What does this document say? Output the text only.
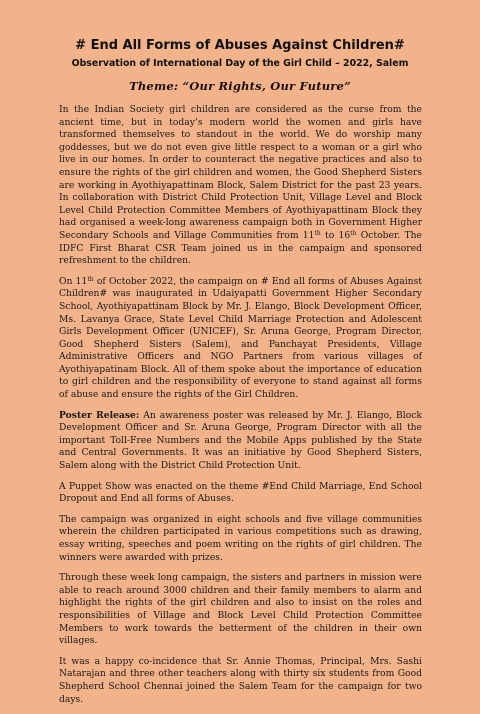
# End All Forms of Abuses Against Children#
Observation of International Day of the Girl Child – 2022, Salem
Theme: “Our Rights, Our Future”

In the Indian Society girl children are considered as the curse from the ancient time, but in today’s modern world the women and girls have transformed themselves to standout in the world. We do worship many goddesses, but we do not even give little respect to a woman or a girl who live in our homes. In order to counteract the negative practices and also to ensure the rights of the girl children and women, the Good Shepherd Sisters are working in Ayothiyapattinam Block, Salem District for the past 23 years. In collaboration with District Child Protection Unit, Village Level and Block Level Child Protection Committee Members of Ayothiyapattinam Block they had organised a week-long awareness campaign both in Government Higher Secondary Schools and Village Communities from 11th to 16th October. The IDFC First Bharat CSR Team joined us in the campaign and sponsored refreshment to the children.

On 11th of October 2022, the campaign on # End all forms of Abuses Against Children# was inaugurated in Udaiyapatti Government Higher Secondary School, Ayothiyapattinam Block by Mr. J. Elango, Block Development Officer, Ms. Lavanya Grace, State Level Child Marriage Protection and Adolescent Girls Development Officer (UNICEF), Sr. Aruna George, Program Director, Good Shepherd Sisters (Salem), and Panchayat Presidents, Village Administrative Officers and NGO Partners from various villages of Ayothiyapatinam Block. All of them spoke about the importance of education to girl children and the responsibility of everyone to stand against all forms of abuse and ensure the rights of the Girl Children.

Poster Release: An awareness poster was released by Mr. J. Elango, Block Development Officer and Sr. Aruna George, Program Director with all the important Toll-Free Numbers and the Mobile Apps published by the State and Central Governments. It was an initiative by Good Shepherd Sisters, Salem along with the District Child Protection Unit.

A Puppet Show was enacted on the theme #End Child Marriage, End School Dropout and End all forms of Abuses.

The campaign was organized in eight schools and five village communities wherein the children participated in various competitions such as drawing, essay writing, speeches and poem writing on the rights of girl children. The winners were awarded with prizes.

Through these week long campaign, the sisters and partners in mission were able to reach around 3000 children and their family members to alarm and highlight the rights of the girl children and also to insist on the roles and responsibilities of Village and Block Level Child Protection Committee Members to work towards the betterment of the children in their own villages.

It was a happy co-incidence that Sr. Annie Thomas, Principal, Mrs. Sashi Natarajan and three other teachers along with thirty six students from Good Shepherd School Chennai joined the Salem Team for the campaign for two days.
